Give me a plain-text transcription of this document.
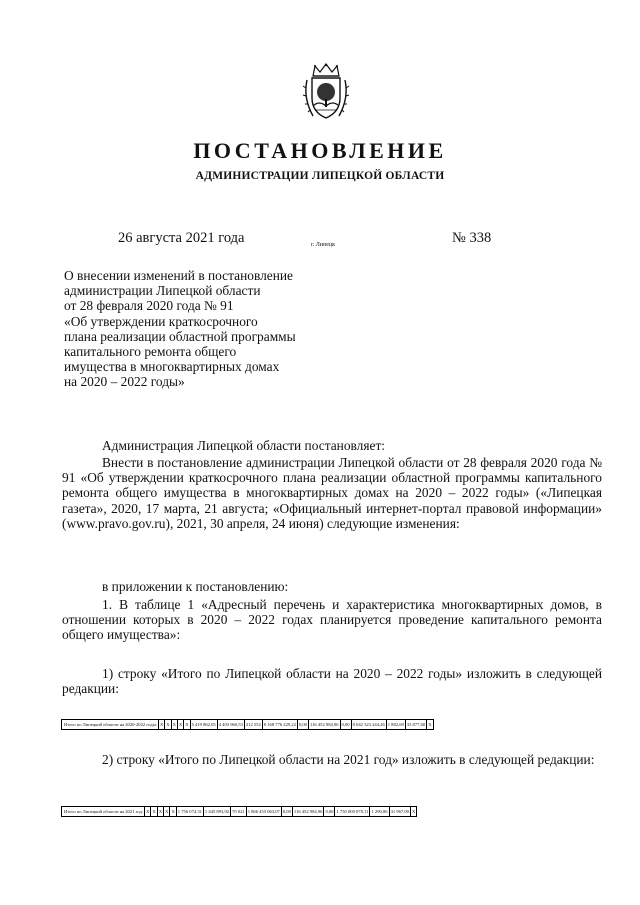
ПОСТАНОВЛЕНИЕ
АДМИНИСТРАЦИИ ЛИПЕЦКОЙ ОБЛАСТИ
26 августа 2021 года	г. Липецк	№ 338
О внесении изменений в постановление
администрации Липецкой области
от 28 февраля 2020 года № 91
«Об утверждении краткосрочного
плана реализации областной программы
капитального ремонта общего
имущества в многоквартирных домах
на 2020 – 2022 годы»
Администрация Липецкой области постановляет:
Внести в постановление администрации Липецкой области от 28 февраля 2020 года № 91 «Об утверждении краткосрочного плана реализации областной программы капитального ремонта общего имущества в многоквартирных домах на 2020 – 2022 годы» («Липецкая газета», 2020, 17 марта, 21 августа; «Официальный интернет-портал правовой информации» (www.pravo.gov.ru), 2021, 30 апреля, 24 июня) следующие изменения:
в приложении к постановлению:
1. В таблице 1 «Адресный перечень и характеристика многоквартирных домов, в отношении которых в 2020 – 2022 годах планируется проведение капитального ремонта общего имущества»:
1) строку «Итого по Липецкой области на 2020 – 2022 годы» изложить в следующей редакции:
Итого по Липецкой области на 2020-2022 годы:	X	X	X	X	X	5 419 862,05	4 403 960,53	212 552	8 168 776 229,22	0,00	116 452 984,96	0,00	8 042 323 244,26	1 882,69	33 877,00	X
2) строку «Итого по Липецкой области на 2021 год» изложить в следующей редакции:
Итого по Липецкой области на 2021 год:	X	X	X	X	X	1 756 074,31	1 445 893,92	70 021	1 866 453 063,07	0,00	116 452 984,96	0,00	1 750 000 078,11	1 290,86	31 967,00	X
